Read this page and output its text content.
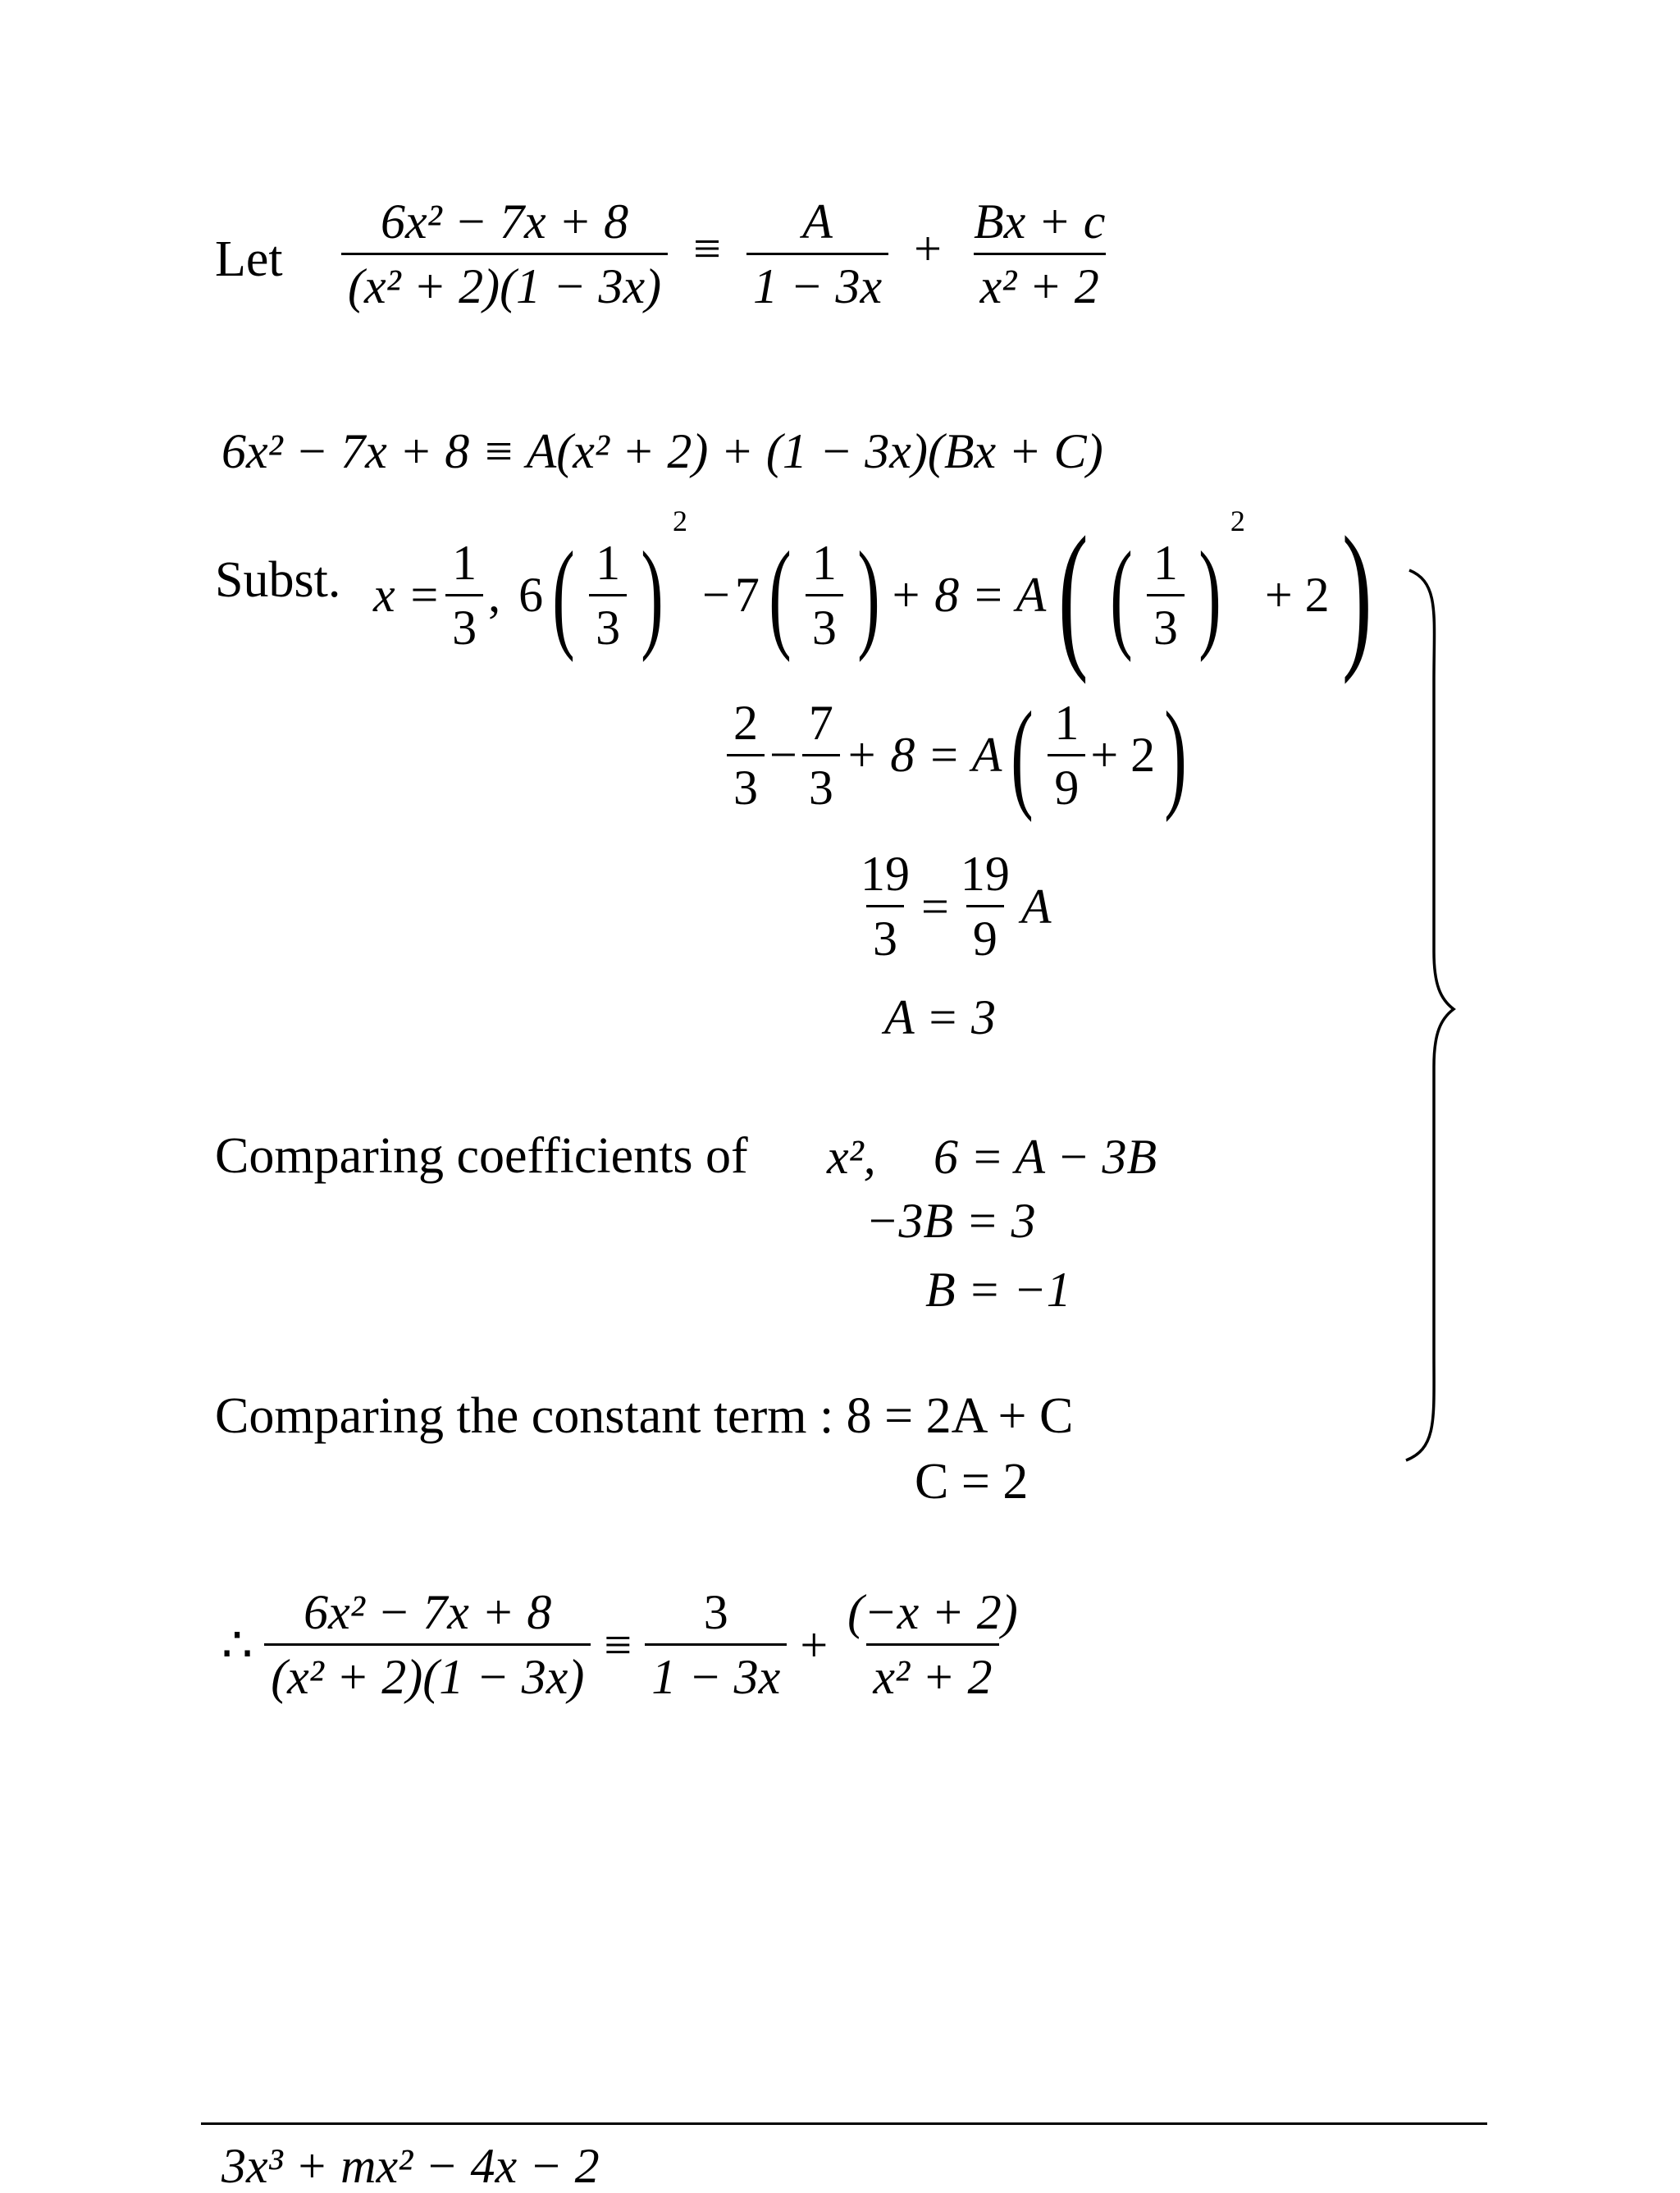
Let $\frac{\text{6x² − 7x + 8}}{\text{(x² + 2)(1 − 3x)}} \equiv \frac{A}{1 - 3x} + \frac{Bx + c}{\text{x² + 2}}$
6x² − 7x + 8 ≡ A(x² + 2) + (1 − 3x)(Bx + C)
Subst. $x = \frac{1}{3}$ , 6 ( $\frac{1}{3}$ )
2
− 7 ( $\frac{1}{3}$ ) + 8 = A ( ( $\frac{1}{3}$ )
2
+ 2 )
$\frac{2}{3} - \frac{7}{3} + 8 = A$ ( $\frac{1}{9} + 2$ )
$\frac{19}{3} = \frac{19}{9}$ A
A = 3
Comparing coefficients of x², 6 = A − 3B
−3B = 3
B = −1
Comparing the constant term : 8 = 2A + C
C = 2
∴ $\frac{\text{6x² − 7x + 8}}{\text{(x² + 2)(1 − 3x)}} \equiv \frac{3}{1 - 3x} + \frac{(-x + 2)}{\text{x² + 2}}$
3x³ + mx² − 4x − 2
